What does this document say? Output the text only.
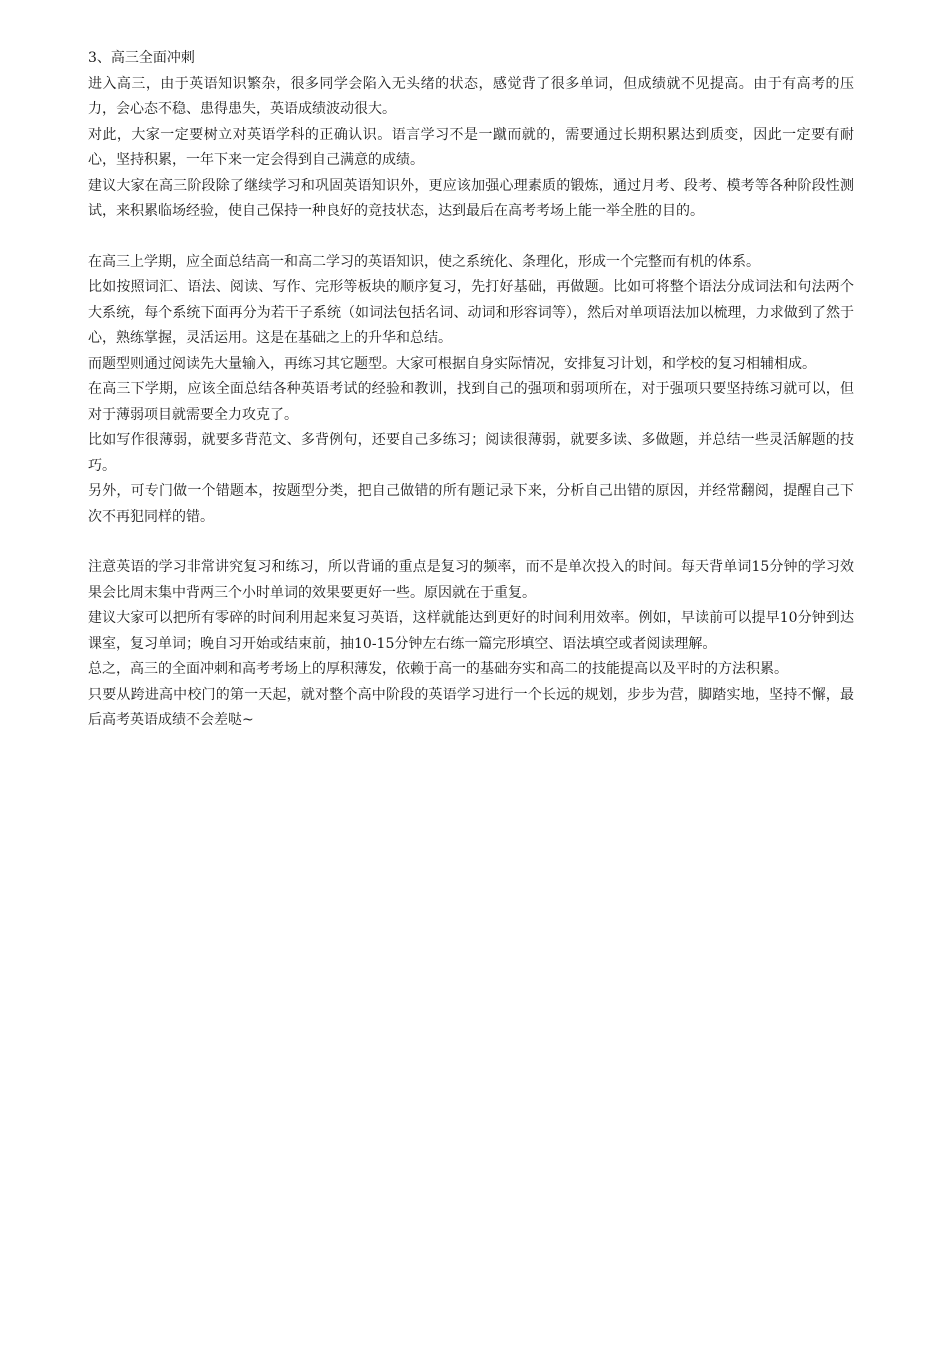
3、高三全面冲刺

进入高三，由于英语知识繁杂，很多同学会陷入无头绪的状态，感觉背了很多单词，但成绩就不见提高。由于有高考的压力，会心态不稳、患得患失，英语成绩波动很大。

对此，大家一定要树立对英语学科的正确认识。语言学习不是一蹴而就的，需要通过长期积累达到质变，因此一定要有耐心，坚持积累，一年下来一定会得到自己满意的成绩。

建议大家在高三阶段除了继续学习和巩固英语知识外，更应该加强心理素质的锻炼，通过月考、段考、模考等各种阶段性测试，来积累临场经验，使自己保持一种良好的竞技状态，达到最后在高考考场上能一举全胜的目的。

在高三上学期，应全面总结高一和高二学习的英语知识，使之系统化、条理化，形成一个完整而有机的体系。

比如按照词汇、语法、阅读、写作、完形等板块的顺序复习，先打好基础，再做题。比如可将整个语法分成词法和句法两个大系统，每个系统下面再分为若干子系统（如词法包括名词、动词和形容词等），然后对单项语法加以梳理，力求做到了然于心，熟练掌握，灵活运用。这是在基础之上的升华和总结。

而题型则通过阅读先大量输入，再练习其它题型。大家可根据自身实际情况，安排复习计划，和学校的复习相辅相成。

在高三下学期，应该全面总结各种英语考试的经验和教训，找到自己的强项和弱项所在，对于强项只要坚持练习就可以，但对于薄弱项目就需要全力攻克了。

比如写作很薄弱，就要多背范文、多背例句，还要自己多练习；阅读很薄弱，就要多读、多做题，并总结一些灵活解题的技巧。

另外，可专门做一个错题本，按题型分类，把自己做错的所有题记录下来，分析自己出错的原因，并经常翻阅，提醒自己下次不再犯同样的错。

注意英语的学习非常讲究复习和练习，所以背诵的重点是复习的频率，而不是单次投入的时间。每天背单词15分钟的学习效果会比周末集中背两三个小时单词的效果要更好一些。原因就在于重复。

建议大家可以把所有零碎的时间利用起来复习英语，这样就能达到更好的时间利用效率。例如，早读前可以提早10分钟到达课室，复习单词；晚自习开始或结束前，抽10-15分钟左右练一篇完形填空、语法填空或者阅读理解。

总之，高三的全面冲刺和高考考场上的厚积薄发，依赖于高一的基础夯实和高二的技能提高以及平时的方法积累。

只要从跨进高中校门的第一天起，就对整个高中阶段的英语学习进行一个长远的规划，步步为营，脚踏实地，坚持不懈，最后高考英语成绩不会差哒~
